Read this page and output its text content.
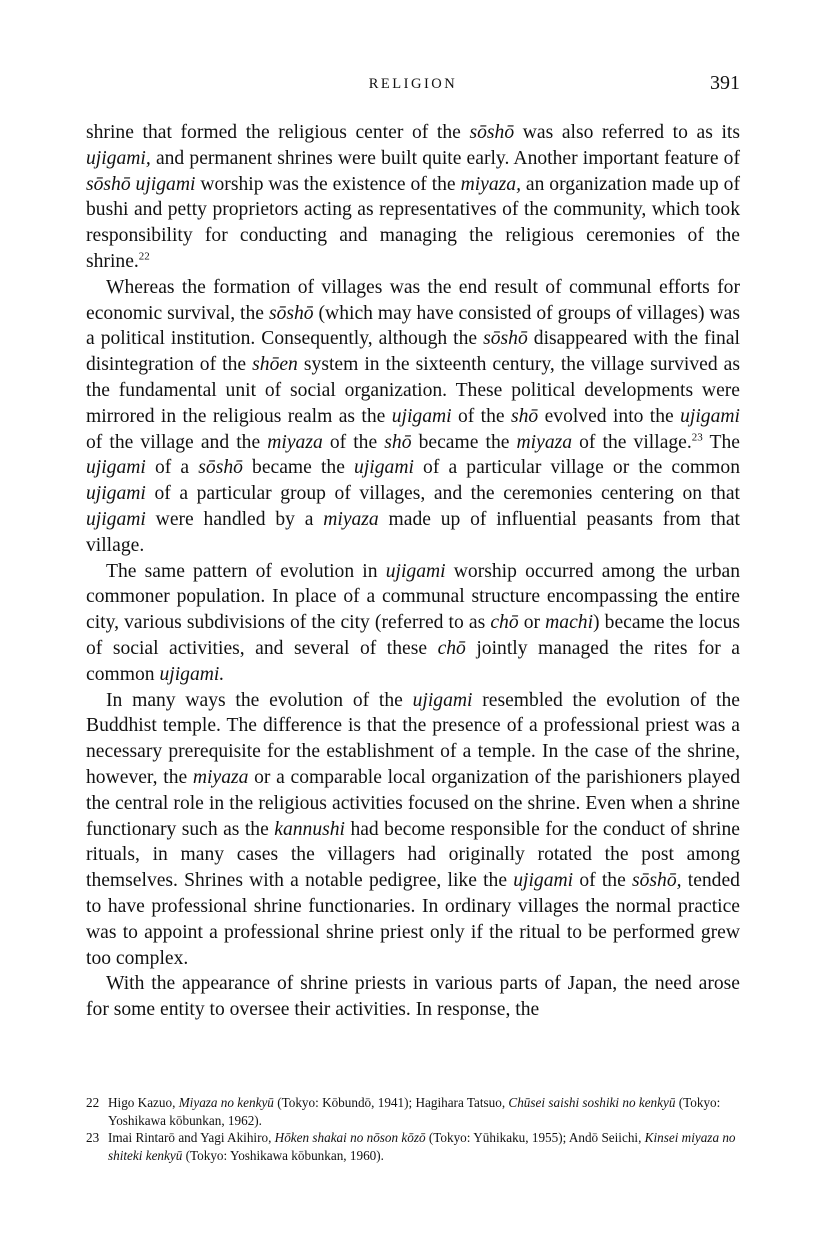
RELIGION	391

shrine that formed the religious center of the sōshō was also referred to as its ujigami, and permanent shrines were built quite early. Another important feature of sōshō ujigami worship was the existence of the miyaza, an organization made up of bushi and petty proprietors acting as representatives of the community, which took responsibility for conducting and managing the religious ceremonies of the shrine.$^{22}$

Whereas the formation of villages was the end result of communal efforts for economic survival, the sōshō (which may have consisted of groups of villages) was a political institution. Consequently, although the sōshō disappeared with the final disintegration of the shōen system in the sixteenth century, the village survived as the fundamental unit of social organization. These political developments were mirrored in the religious realm as the ujigami of the shō evolved into the ujigami of the village and the miyaza of the shō became the miyaza of the village.$^{23}$ The ujigami of a sōshō became the ujigami of a particular village or the common ujigami of a particular group of villages, and the ceremonies centering on that ujigami were handled by a miyaza made up of influential peasants from that village.

The same pattern of evolution in ujigami worship occurred among the urban commoner population. In place of a communal structure encompassing the entire city, various subdivisions of the city (referred to as chō or machi) became the locus of social activities, and several of these chō jointly managed the rites for a common ujigami.

In many ways the evolution of the ujigami resembled the evolution of the Buddhist temple. The difference is that the presence of a professional priest was a necessary prerequisite for the establishment of a temple. In the case of the shrine, however, the miyaza or a comparable local organization of the parishioners played the central role in the religious activities focused on the shrine. Even when a shrine functionary such as the kannushi had become responsible for the conduct of shrine rituals, in many cases the villagers had originally rotated the post among themselves. Shrines with a notable pedigree, like the ujigami of the sōshō, tended to have professional shrine functionaries. In ordinary villages the normal practice was to appoint a professional shrine priest only if the ritual to be performed grew too complex.

With the appearance of shrine priests in various parts of Japan, the need arose for some entity to oversee their activities. In response, the

22 Higo Kazuo, Miyaza no kenkyū (Tokyo: Kōbundō, 1941); Hagihara Tatsuo, Chūsei saishi soshiki no kenkyū (Tokyo: Yoshikawa kōbunkan, 1962).
23 Imai Rintarō and Yagi Akihiro, Hōken shakai no nōson kōzō (Tokyo: Yūhikaku, 1955); Andō Seiichi, Kinsei miyaza no shiteki kenkyū (Tokyo: Yoshikawa kōbunkan, 1960).
